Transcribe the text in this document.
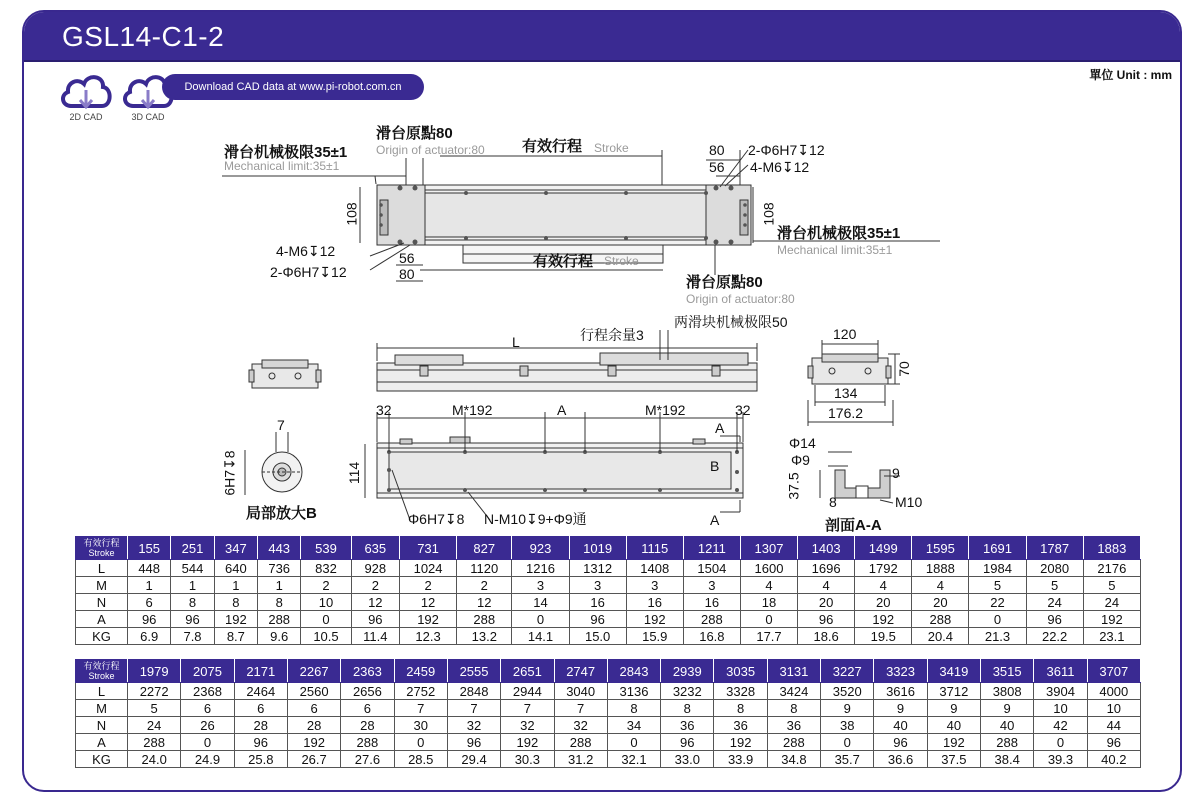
GSL14-C1-2
單位 Unit : mm
2D CAD	3D CAD
Download CAD data at www.pi-robot.com.cn
滑台原點80
Origin of actuator:80
滑台机械极限35±1
Mechanical limit:35±1
有效行程 Stroke	80
56
2-Φ6H7↧12
4-M6↧12
108	108
滑台机械极限35±1
Mechanical limit:35±1
4-M6↧12
2-Φ6H7↧12
56
80
有效行程 Stroke
滑台原點80
Origin of actuator:80
L	行程余量3
两滑块机械极限50
32	M*192	A	M*192	32
A
B
A
114
Φ6H7↧8 N-M10↧9+Φ9通
7
6H7↧8
局部放大B
120
70
134
176.2
Φ14
Φ9
9
37.5
8	M10
剖面A-A
有效行程
Stroke	155	251	347	443	539	635	731	827	923	1019	1115	1211	1307	1403	1499	1595	1691	1787	1883
L	448	544	640	736	832	928	1024	1120	1216	1312	1408	1504	1600	1696	1792	1888	1984	2080	2176
M	1	1	1	1	2	2	2	2	3	3	3	3	4	4	4	4	5	5	5
N	6	8	8	8	10	12	12	12	14	16	16	16	18	20	20	20	22	24	24
A	96	96	192	288	0	96	192	288	0	96	192	288	0	96	192	288	0	96	192
KG	6.9	7.8	8.7	9.6	10.5	11.4	12.3	13.2	14.1	15.0	15.9	16.8	17.7	18.6	19.5	20.4	21.3	22.2	23.1
有效行程
Stroke	1979	2075	2171	2267	2363	2459	2555	2651	2747	2843	2939	3035	3131	3227	3323	3419	3515	3611	3707
L	2272	2368	2464	2560	2656	2752	2848	2944	3040	3136	3232	3328	3424	3520	3616	3712	3808	3904	4000
M	5	6	6	6	6	7	7	7	7	8	8	8	8	9	9	9	9	10	10
N	24	26	28	28	28	30	32	32	32	34	36	36	36	38	40	40	40	42	44
A	288	0	96	192	288	0	96	192	288	0	96	192	288	0	96	192	288	0	96
KG	24.0	24.9	25.8	26.7	27.6	28.5	29.4	30.3	31.2	32.1	33.0	33.9	34.8	35.7	36.6	37.5	38.4	39.3	40.2
